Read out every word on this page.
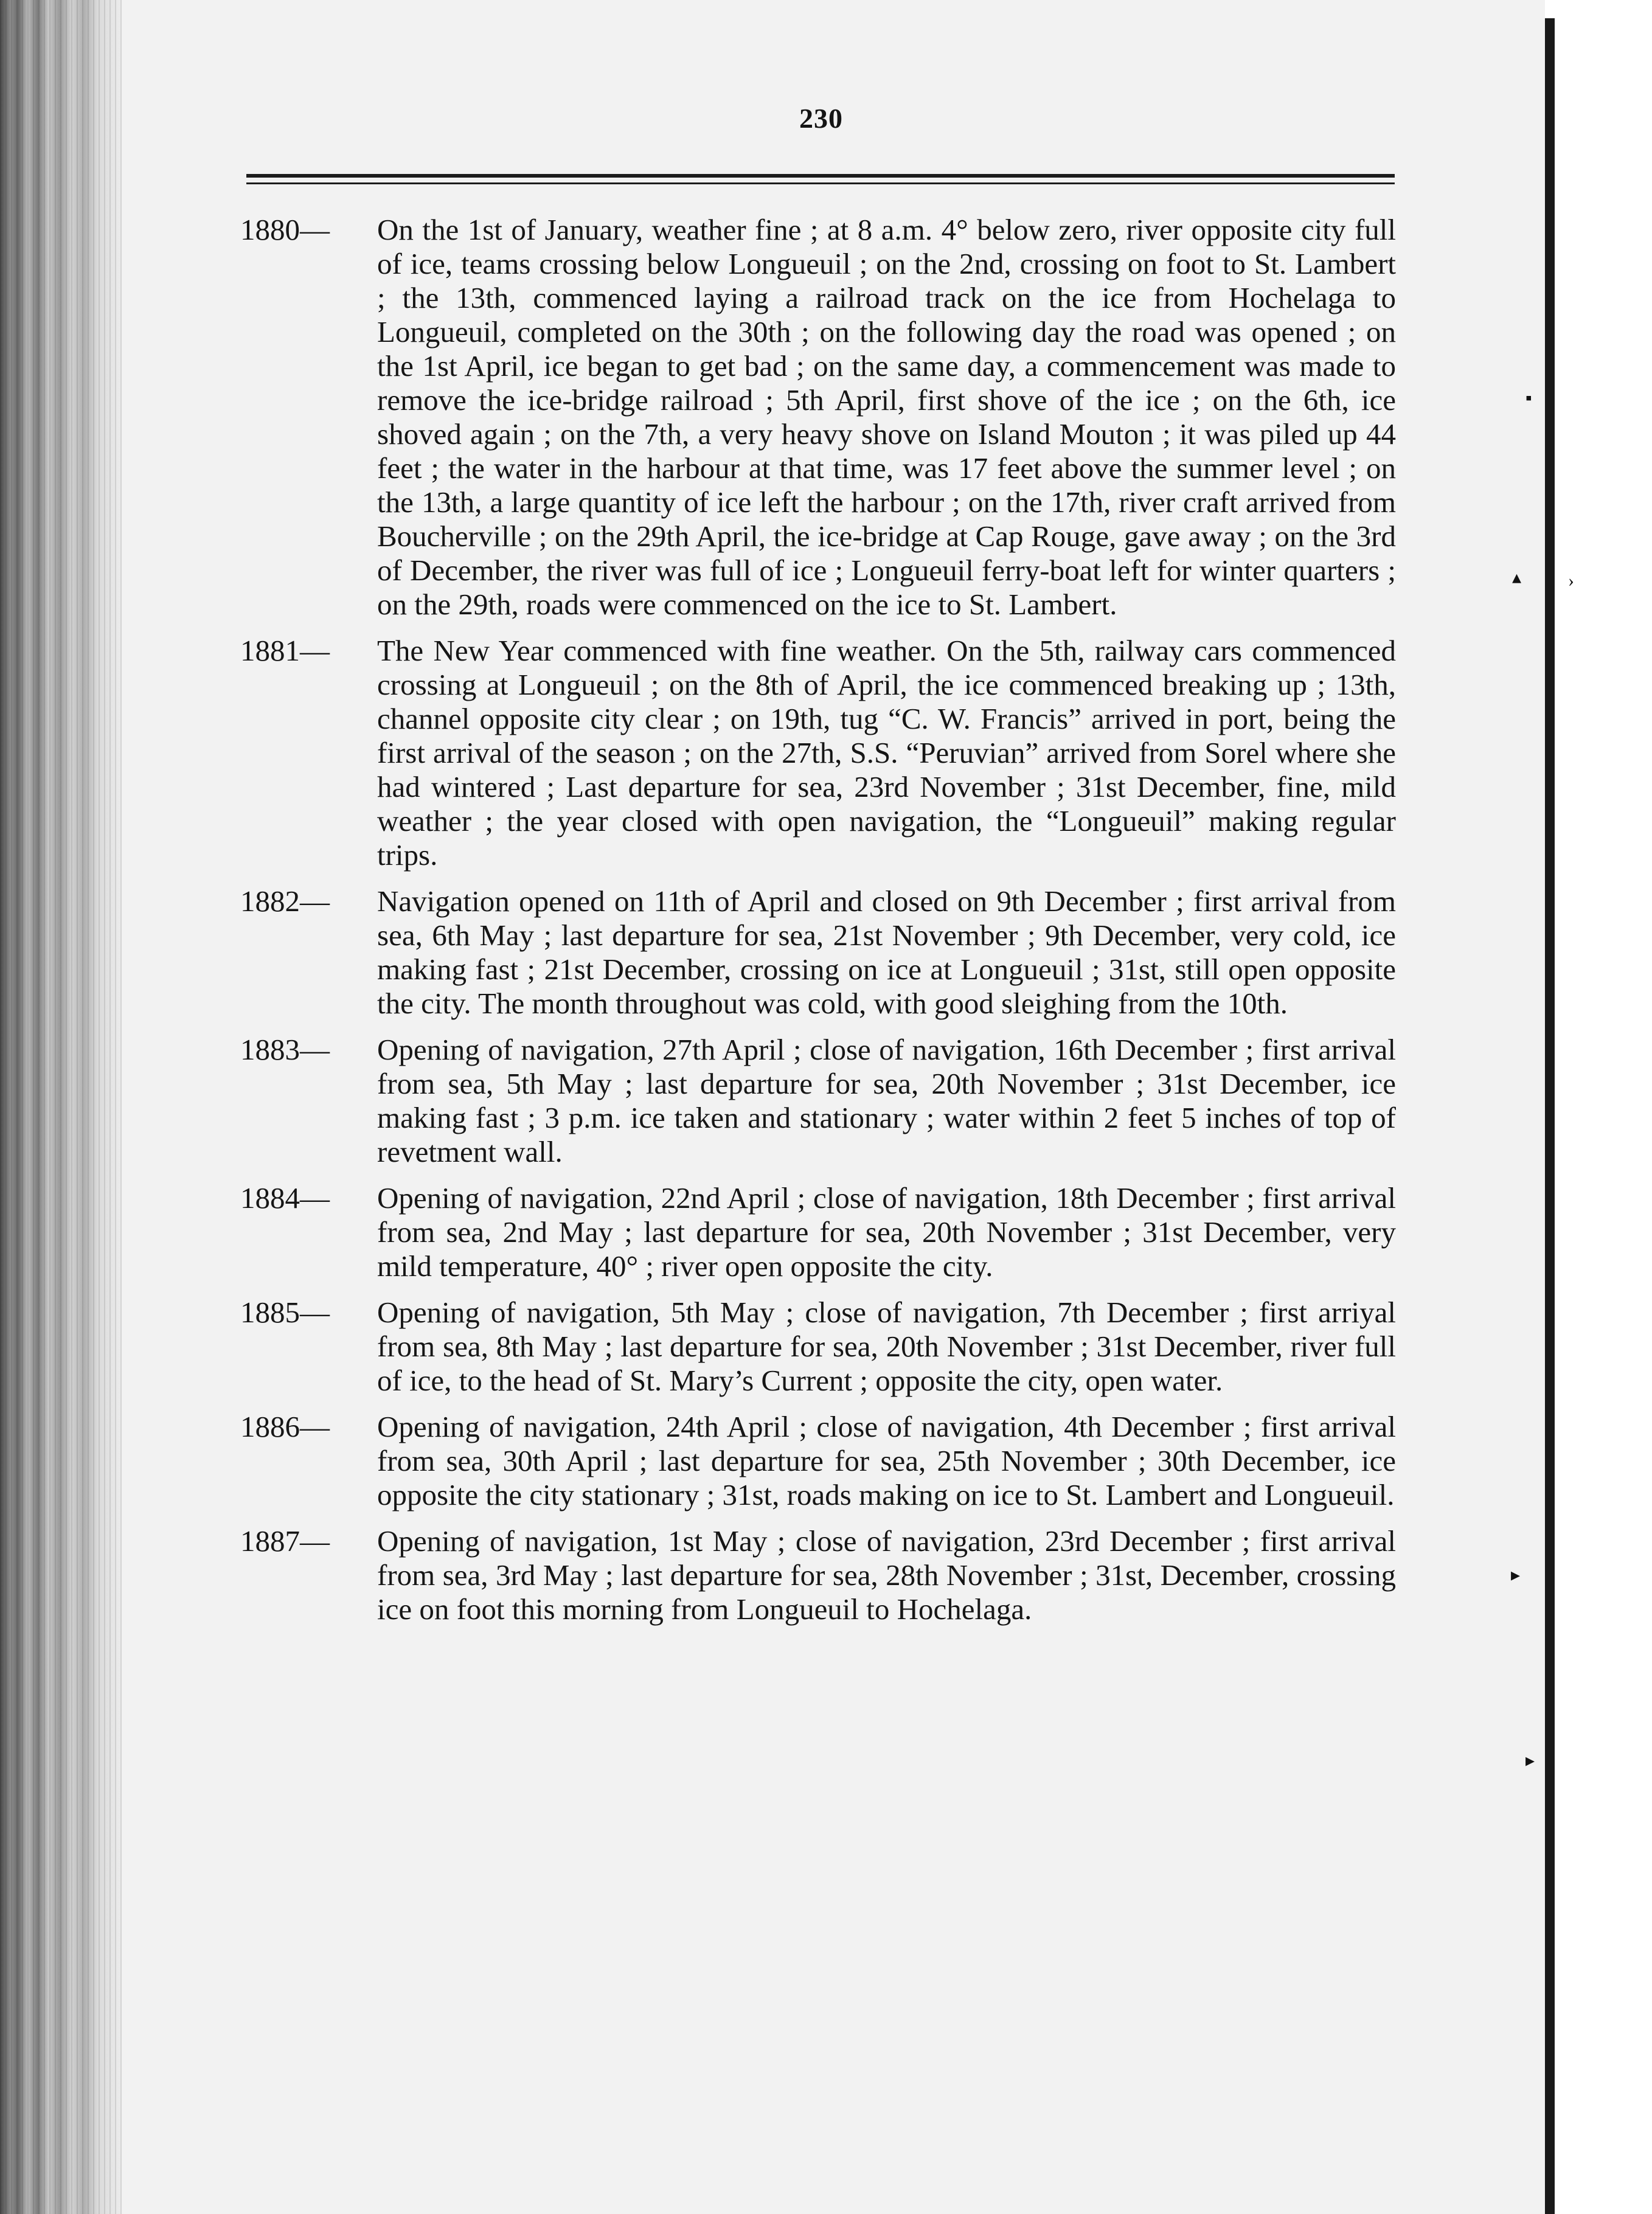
▪
▴	›
▸
▸
230
1880— On the 1st of January, weather fine ; at 8 a.m. 4° below zero, river opposite city full of ice, teams crossing below Longueuil ; on the 2nd, crossing on foot to St. Lambert ; the 13th, commenced laying a railroad track on the ice from Hochelaga to Longueuil, completed on the 30th ; on the following day the road was opened ; on the 1st April, ice began to get bad ; on the same day, a commencement was made to remove the ice-bridge railroad ; 5th April, first shove of the ice ; on the 6th, ice shoved again ; on the 7th, a very heavy shove on Island Mouton ; it was piled up 44 feet ; the water in the harbour at that time, was 17 feet above the summer level ; on the 13th, a large quantity of ice left the harbour ; on the 17th, river craft arrived from Boucherville ; on the 29th April, the ice-bridge at Cap Rouge, gave away ; on the 3rd of December, the river was full of ice ; Longueuil ferry-boat left for winter quarters ; on the 29th, roads were commenced on the ice to St. Lambert.
1881— The New Year commenced with fine weather. On the 5th, railway cars commenced crossing at Longueuil ; on the 8th of April, the ice commenced breaking up ; 13th, channel opposite city clear ; on 19th, tug “C. W. Francis” arrived in port, being the first arrival of the season ; on the 27th, S.S. “Peruvian” arrived from Sorel where she had wintered ; Last departure for sea, 23rd November ; 31st December, fine, mild weather ; the year closed with open navigation, the “Longueuil” making regular trips.
1882— Navigation opened on 11th of April and closed on 9th December ; first arrival from sea, 6th May ; last departure for sea, 21st November ; 9th December, very cold, ice making fast ; 21st December, crossing on ice at Longueuil ; 31st, still open opposite the city. The month throughout was cold, with good sleighing from the 10th.
1883— Opening of navigation, 27th April ; close of navigation, 16th December ; first arrival from sea, 5th May ; last departure for sea, 20th November ; 31st December, ice making fast ; 3 p.m. ice taken and stationary ; water within 2 feet 5 inches of top of revetment wall.
1884— Opening of navigation, 22nd April ; close of navigation, 18th December ; first arrival from sea, 2nd May ; last departure for sea, 20th November ; 31st December, very mild temperature, 40° ; river open opposite the city.
1885— Opening of navigation, 5th May ; close of navigation, 7th December ; first arriyal from sea, 8th May ; last departure for sea, 20th November ; 31st December, river full of ice, to the head of St. Mary’s Current ; opposite the city, open water.
1886— Opening of navigation, 24th April ; close of navigation, 4th December ; first arrival from sea, 30th April ; last departure for sea, 25th November ; 30th December, ice opposite the city stationary ; 31st, roads making on ice to St. Lambert and Longueuil.
1887— Opening of navigation, 1st May ; close of navigation, 23rd December ; first arrival from sea, 3rd May ; last departure for sea, 28th November ; 31st, December, crossing ice on foot this morning from Longueuil to Hochelaga.
